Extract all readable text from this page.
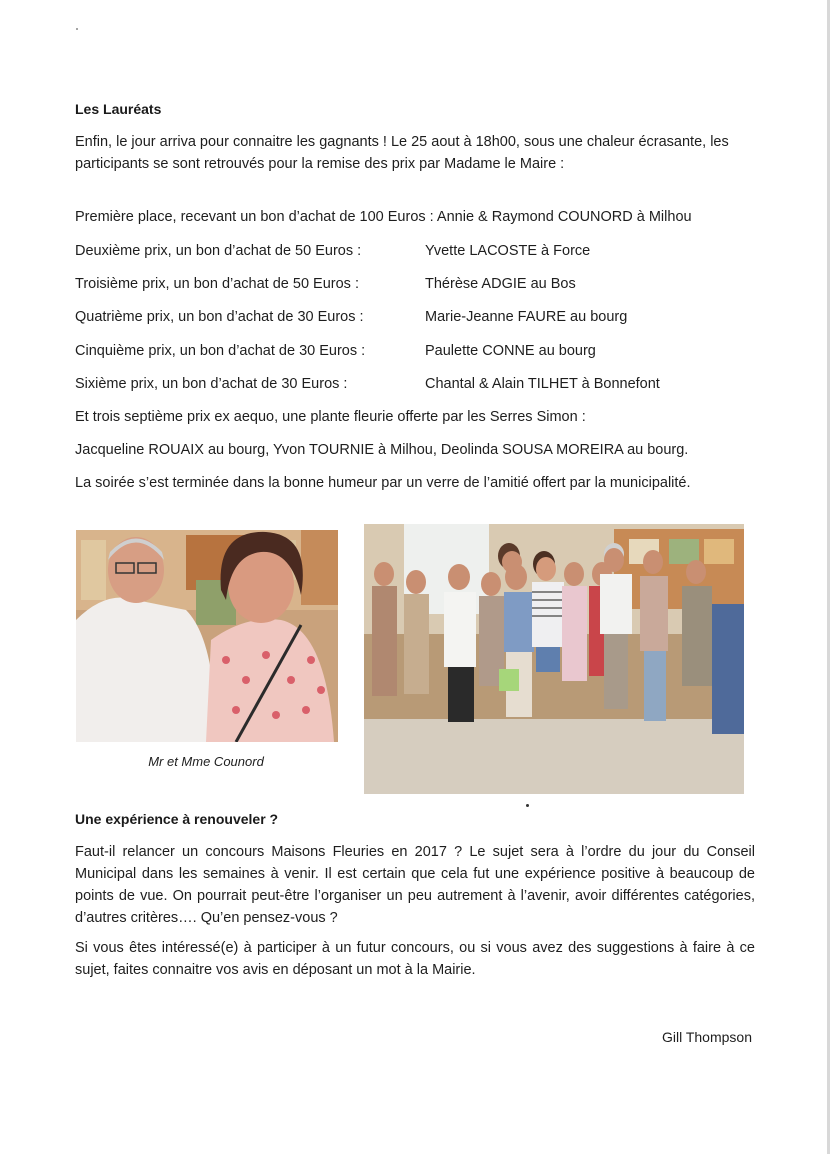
Les Lauréats
Enfin, le jour arriva pour connaitre les gagnants ! Le 25 aout à 18h00, sous une chaleur écrasante, les participants se sont retrouvés pour la remise des prix par Madame le Maire :
Première place, recevant un bon d’achat de 100 Euros : Annie & Raymond COUNORD à Milhou
Deuxième prix, un bon d’achat de 50 Euros :	Yvette LACOSTE à Force
Troisième prix, un bon d’achat de 50 Euros :	Thérèse ADGIE au Bos
Quatrième prix, un bon d’achat de 30 Euros :	Marie-Jeanne FAURE au bourg
Cinquième prix, un bon d’achat de 30 Euros :	Paulette CONNE au bourg
Sixième prix, un bon d’achat de 30 Euros :	Chantal & Alain TILHET à Bonnefont
Et trois septième prix ex aequo, une plante fleurie offerte par les Serres Simon :
Jacqueline ROUAIX au bourg, Yvon TOURNIE à Milhou, Deolinda SOUSA MOREIRA au bourg.
La soirée s’est terminée dans la bonne humeur par un verre de l’amitié offert par la municipalité.
Mr et Mme Counord
Une expérience à renouveler ?
Faut-il relancer un concours Maisons Fleuries en 2017 ? Le sujet sera à l’ordre du jour du Conseil Municipal dans les semaines à venir. Il est certain que cela fut une expérience positive à beaucoup de points de vue. On pourrait peut-être l’organiser un peu autrement à l’avenir, avoir différentes catégories, d’autres critères…. Qu’en pensez-vous ?
Si vous êtes intéressé(e) à participer à un futur concours, ou si vous avez des suggestions à faire à ce sujet, faites connaitre vos avis en déposant un mot à la Mairie.
Gill Thompson
